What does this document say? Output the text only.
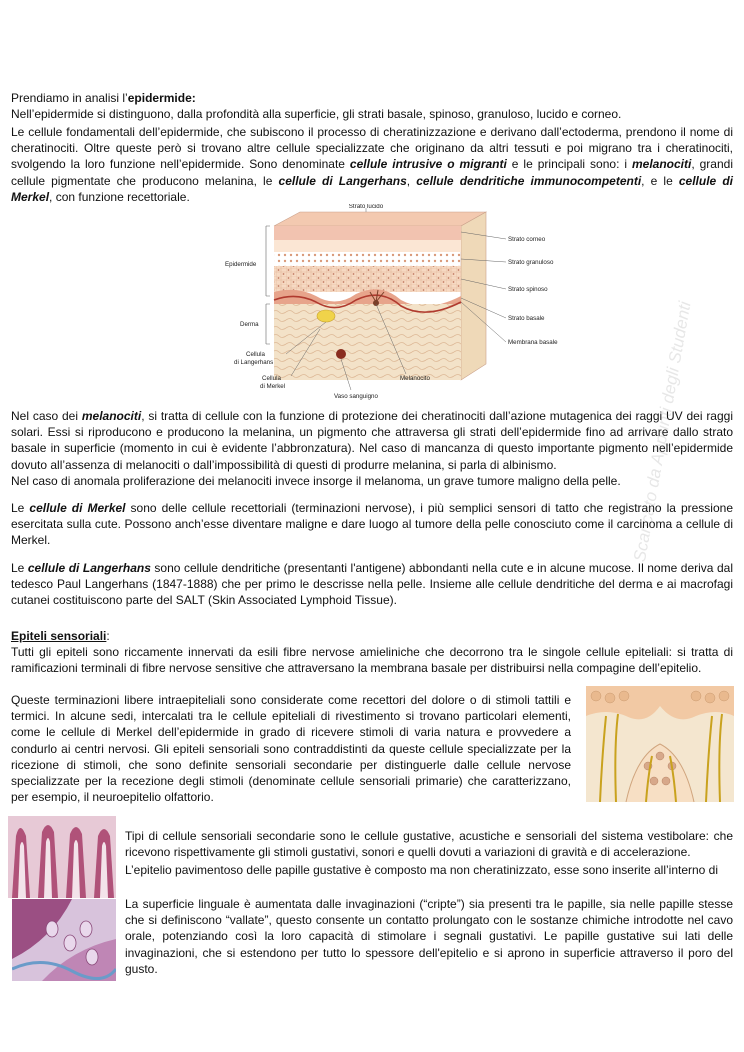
Prendiamo in analisi l’epidermide:

Nell’epidermide si distinguono, dalla profondità alla superficie, gli strati basale, spinoso, granuloso, lucido e corneo.

Le cellule fondamentali dell’epidermide, che subiscono il processo di cheratinizzazione e derivano dall’ectoderma, prendono il nome di cheratinociti. Oltre queste però si trovano altre cellule specializzate che originano da altri tessuti e poi migrano tra i cheratinociti, svolgendo la loro funzione nell’epidermide. Sono denominate cellule intrusive o migranti e le principali sono: i melanociti, grandi cellule pigmentate che producono melanina, le cellule di Langerhans, cellule dendritiche immunocompetenti, e le cellule di Merkel, con funzione recettoriale.

Strato lucido
Strato corneo
Strato granuloso
Strato spinoso
Strato basale
Membrana basale
Epidermide
Derma
Cellula
di Langerhans
Cellula
di Merkel
Melanocito
Vaso sanguigno

Nel caso dei melanociti, si tratta di cellule con la funzione di protezione dei cheratinociti dall’azione mutagenica dei raggi UV dei raggi solari. Essi si riproducono e producono la melanina, un pigmento che attraversa gli strati dell’epidermide fino ad arrivare dallo strato basale in superficie (momento in cui è evidente l’abbronzatura). Nel caso di mancanza di questo importante pigmento nell’epidermide dovuto all’assenza di melanociti o dall’impossibilità di questi di produrre melanina, si parla di albinismo.
Nel caso di anomala proliferazione dei melanociti invece insorge il melanoma, un grave tumore maligno della pelle.

Le cellule di Merkel sono delle cellule recettoriali (terminazioni nervose), i più semplici sensori di tatto che registrano la pressione esercitata sulla cute. Possono anch’esse diventare maligne e dare luogo al tumore della pelle conosciuto come il carcinoma a cellule di Merkel.

Le cellule di Langerhans sono cellule dendritiche (presentanti l'antigene) abbondanti nella cute e in alcune mucose. Il nome deriva dal tedesco Paul Langerhans (1847-1888) che per primo le descrisse nella pelle. Insieme alle cellule dendritiche del derma e ai macrofagi cutanei costituiscono parte del SALT (Skin Associated Lymphoid Tissue).

Epiteli sensoriali:

Tutti gli epiteli sono riccamente innervati da esili fibre nervose amieliniche che decorrono tra le singole cellule epiteliali: si tratta di ramificazioni terminali di fibre nervose sensitive che attraversano la membrana basale per distribuirsi nella compagine dell’epitelio.

Queste terminazioni libere intraepiteliali sono considerate come recettori del dolore o di stimoli tattili e termici. In alcune sedi, intercalati tra le cellule epiteliali di rivestimento si trovano particolari elementi, come le cellule di Merkel dell’epidermide in grado di ricevere stimoli di varia natura e provvedere a condurlo ai centri nervosi. Gli epiteli sensoriali sono contraddistinti da queste cellule specializzate per la ricezione di stimoli, che sono definite sensoriali secondarie per distinguerle dalle cellule nervose specializzate per la recezione degli stimoli (denominate cellule sensoriali primarie) che caratterizzano, per esempio, il neuroepitelio olfattorio.

Tipi di cellule sensoriali secondarie sono le cellule gustative, acustiche e sensoriali del sistema vestibolare: che ricevono rispettivamente gli stimoli gustativi, sonori e quelli dovuti a variazioni di gravità e di accelerazione.

L’epitelio pavimentoso delle papille gustative è composto ma non cheratinizzato, esse sono inserite all’interno di

La superficie linguale è aumentata dalle invaginazioni (“cripte”) sia presenti tra le papille, sia nelle papille stesse che si definiscono “vallate”, questo consente un contatto prolungato con le sostanze chimiche introdotte nel cavo orale, potenziando così la loro capacità di stimolare i segnali gustativi. Le papille gustative sui lati delle invaginazioni, che si estendono per tutto lo spessore dell'epitelio e si aprono in superficie attraverso il poro del gusto.

Scaricato da Appunti degli Studenti
